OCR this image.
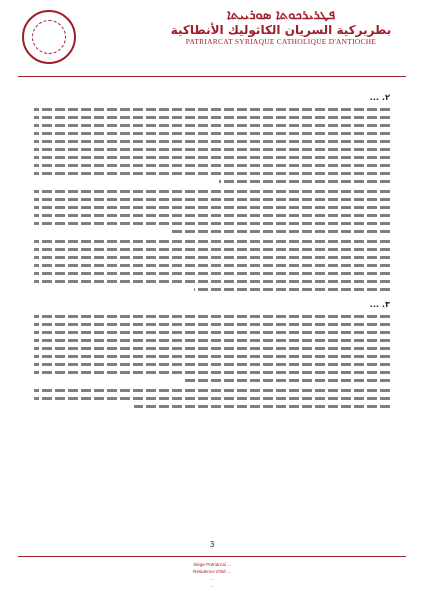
ܦܛܪܝܪܟܘܬܐ ܣܘܪܝܝܬܐ
بطريركية السريان الكاثوليك الأنطاكية
PATRIARCAT SYRIAQUE CATHOLIQUE D'ANTIOCHE
٢. ...
٣. ...
3
Siège Patriarcal ...
Résidence d'été ...
...
...
